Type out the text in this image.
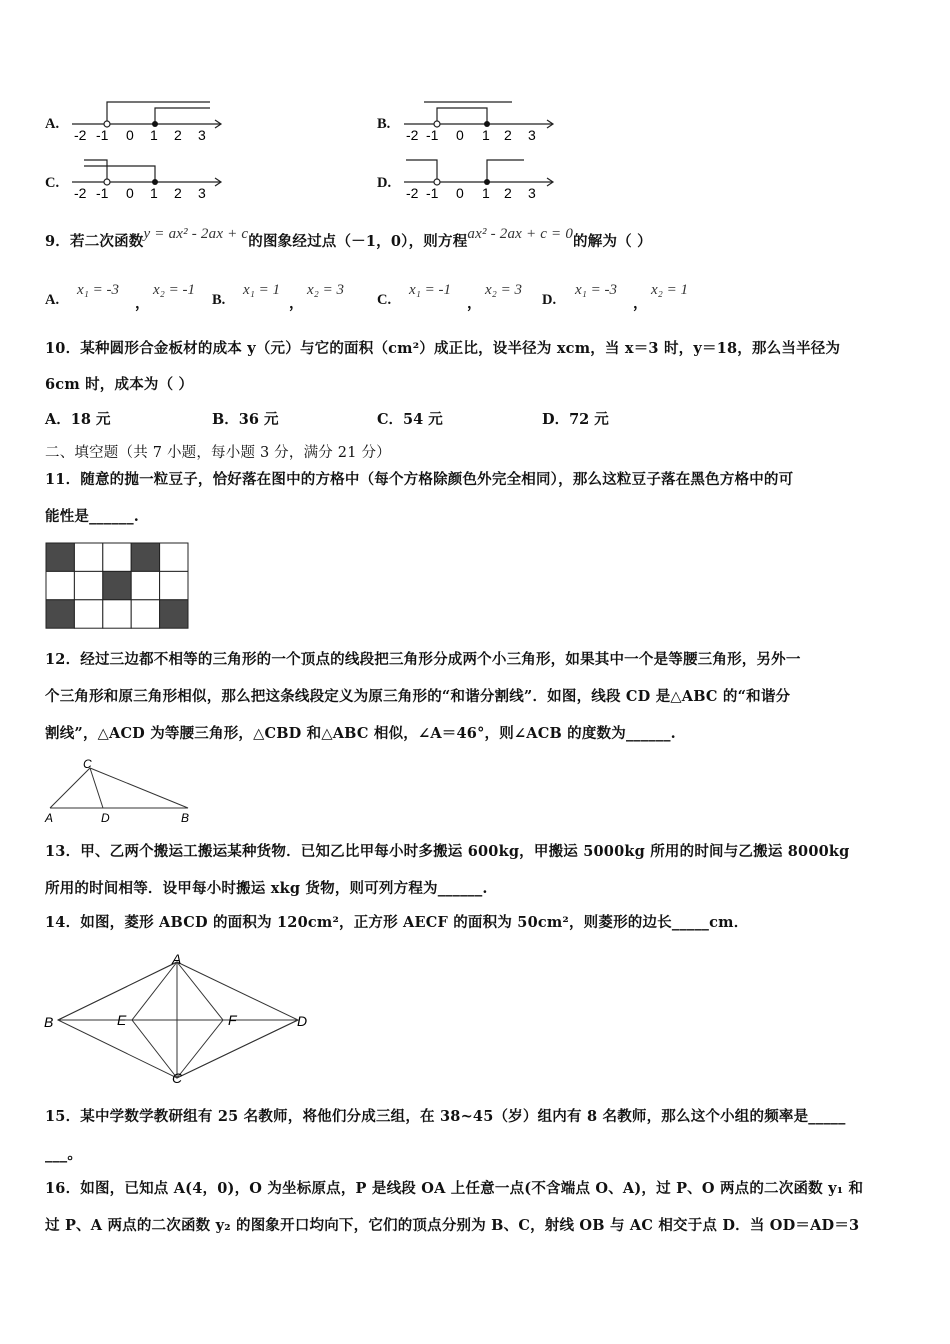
A.	B.
C.	D.
-2 -1 0 1 2 3	-2 -1 0 1 2 3
-2 -1 0 1 2 3	-2 -1 0 1 2 3
9．若二次函数y = ax² - 2ax + c的图象经过点（－1，0），则方程ax² - 2ax + c = 0的解为（ ）
A.
x₁ = -3
，
x₂ = -1
B.
x₁ = 1
，
x₂ = 3
C.
x₁ = -1
，
x₂ = 3
D.
x₁ = -3
，
x₂ = 1
10．某种圆形合金板材的成本 y（元）与它的面积（cm²）成正比，设半径为 xcm，当 x＝3 时，y＝18，那么当半径为
6cm 时，成本为（ ）
A．18 元	B．36 元	C．54 元	D．72 元
二、填空题（共 7 小题，每小题 3 分，满分 21 分）
11．随意的抛一粒豆子，恰好落在图中的方格中（每个方格除颜色外完全相同），那么这粒豆子落在黑色方格中的可
能性是______.
12．经过三边都不相等的三角形的一个顶点的线段把三角形分成两个小三角形，如果其中一个是等腰三角形，另外一
个三角形和原三角形相似，那么把这条线段定义为原三角形的“和谐分割线”．如图，线段 CD 是△ABC 的“和谐分
割线”，△ACD 为等腰三角形，△CBD 和△ABC 相似，∠A＝46°，则∠ACB 的度数为______.
C
A	D	B
13．甲、乙两个搬运工搬运某种货物．已知乙比甲每小时多搬运 600kg，甲搬运 5000kg 所用的时间与乙搬运 8000kg
所用的时间相等．设甲每小时搬运 xkg 货物，则可列方程为______.
14．如图，菱形 ABCD 的面积为 120cm²，正方形 AECF 的面积为 50cm²，则菱形的边长_____cm．
A
B	E	F	D
C
15．某中学数学教研组有 25 名教师，将他们分成三组，在 38~45（岁）组内有 8 名教师，那么这个小组的频率是_____
___。
16．如图，已知点 A(4，0)，O 为坐标原点，P 是线段 OA 上任意一点(不含端点 O、A)，过 P、O 两点的二次函数 y₁ 和
过 P、A 两点的二次函数 y₂ 的图象开口均向下，它们的顶点分别为 B、C，射线 OB 与 AC 相交于点 D．当 OD＝AD＝3
